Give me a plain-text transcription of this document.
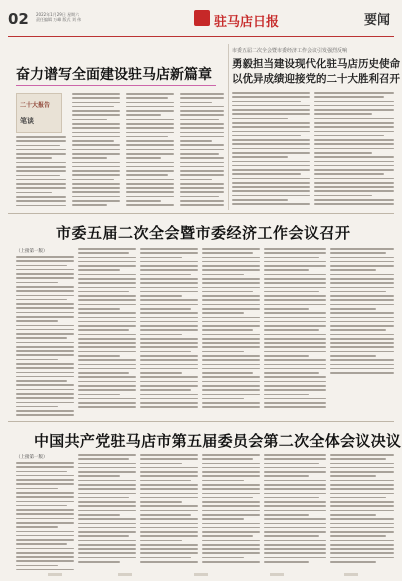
02 2022年1月29日 星期六
责任编辑 万峰 版式 刘 伟	驻马店日报	要闻
奋力谱写全面建设驻马店新篇章
二十大报告
笔谈
市委五届二次全会暨市委经济工作会议引发强烈反响
勇毅担当建设现代化驻马店历史使命
以优异成绩迎接党的二十大胜利召开
市委五届二次全会暨市委经济工作会议召开
（上接第一版）
中国共产党驻马店市第五届委员会第二次全体会议决议
（上接第一版）
